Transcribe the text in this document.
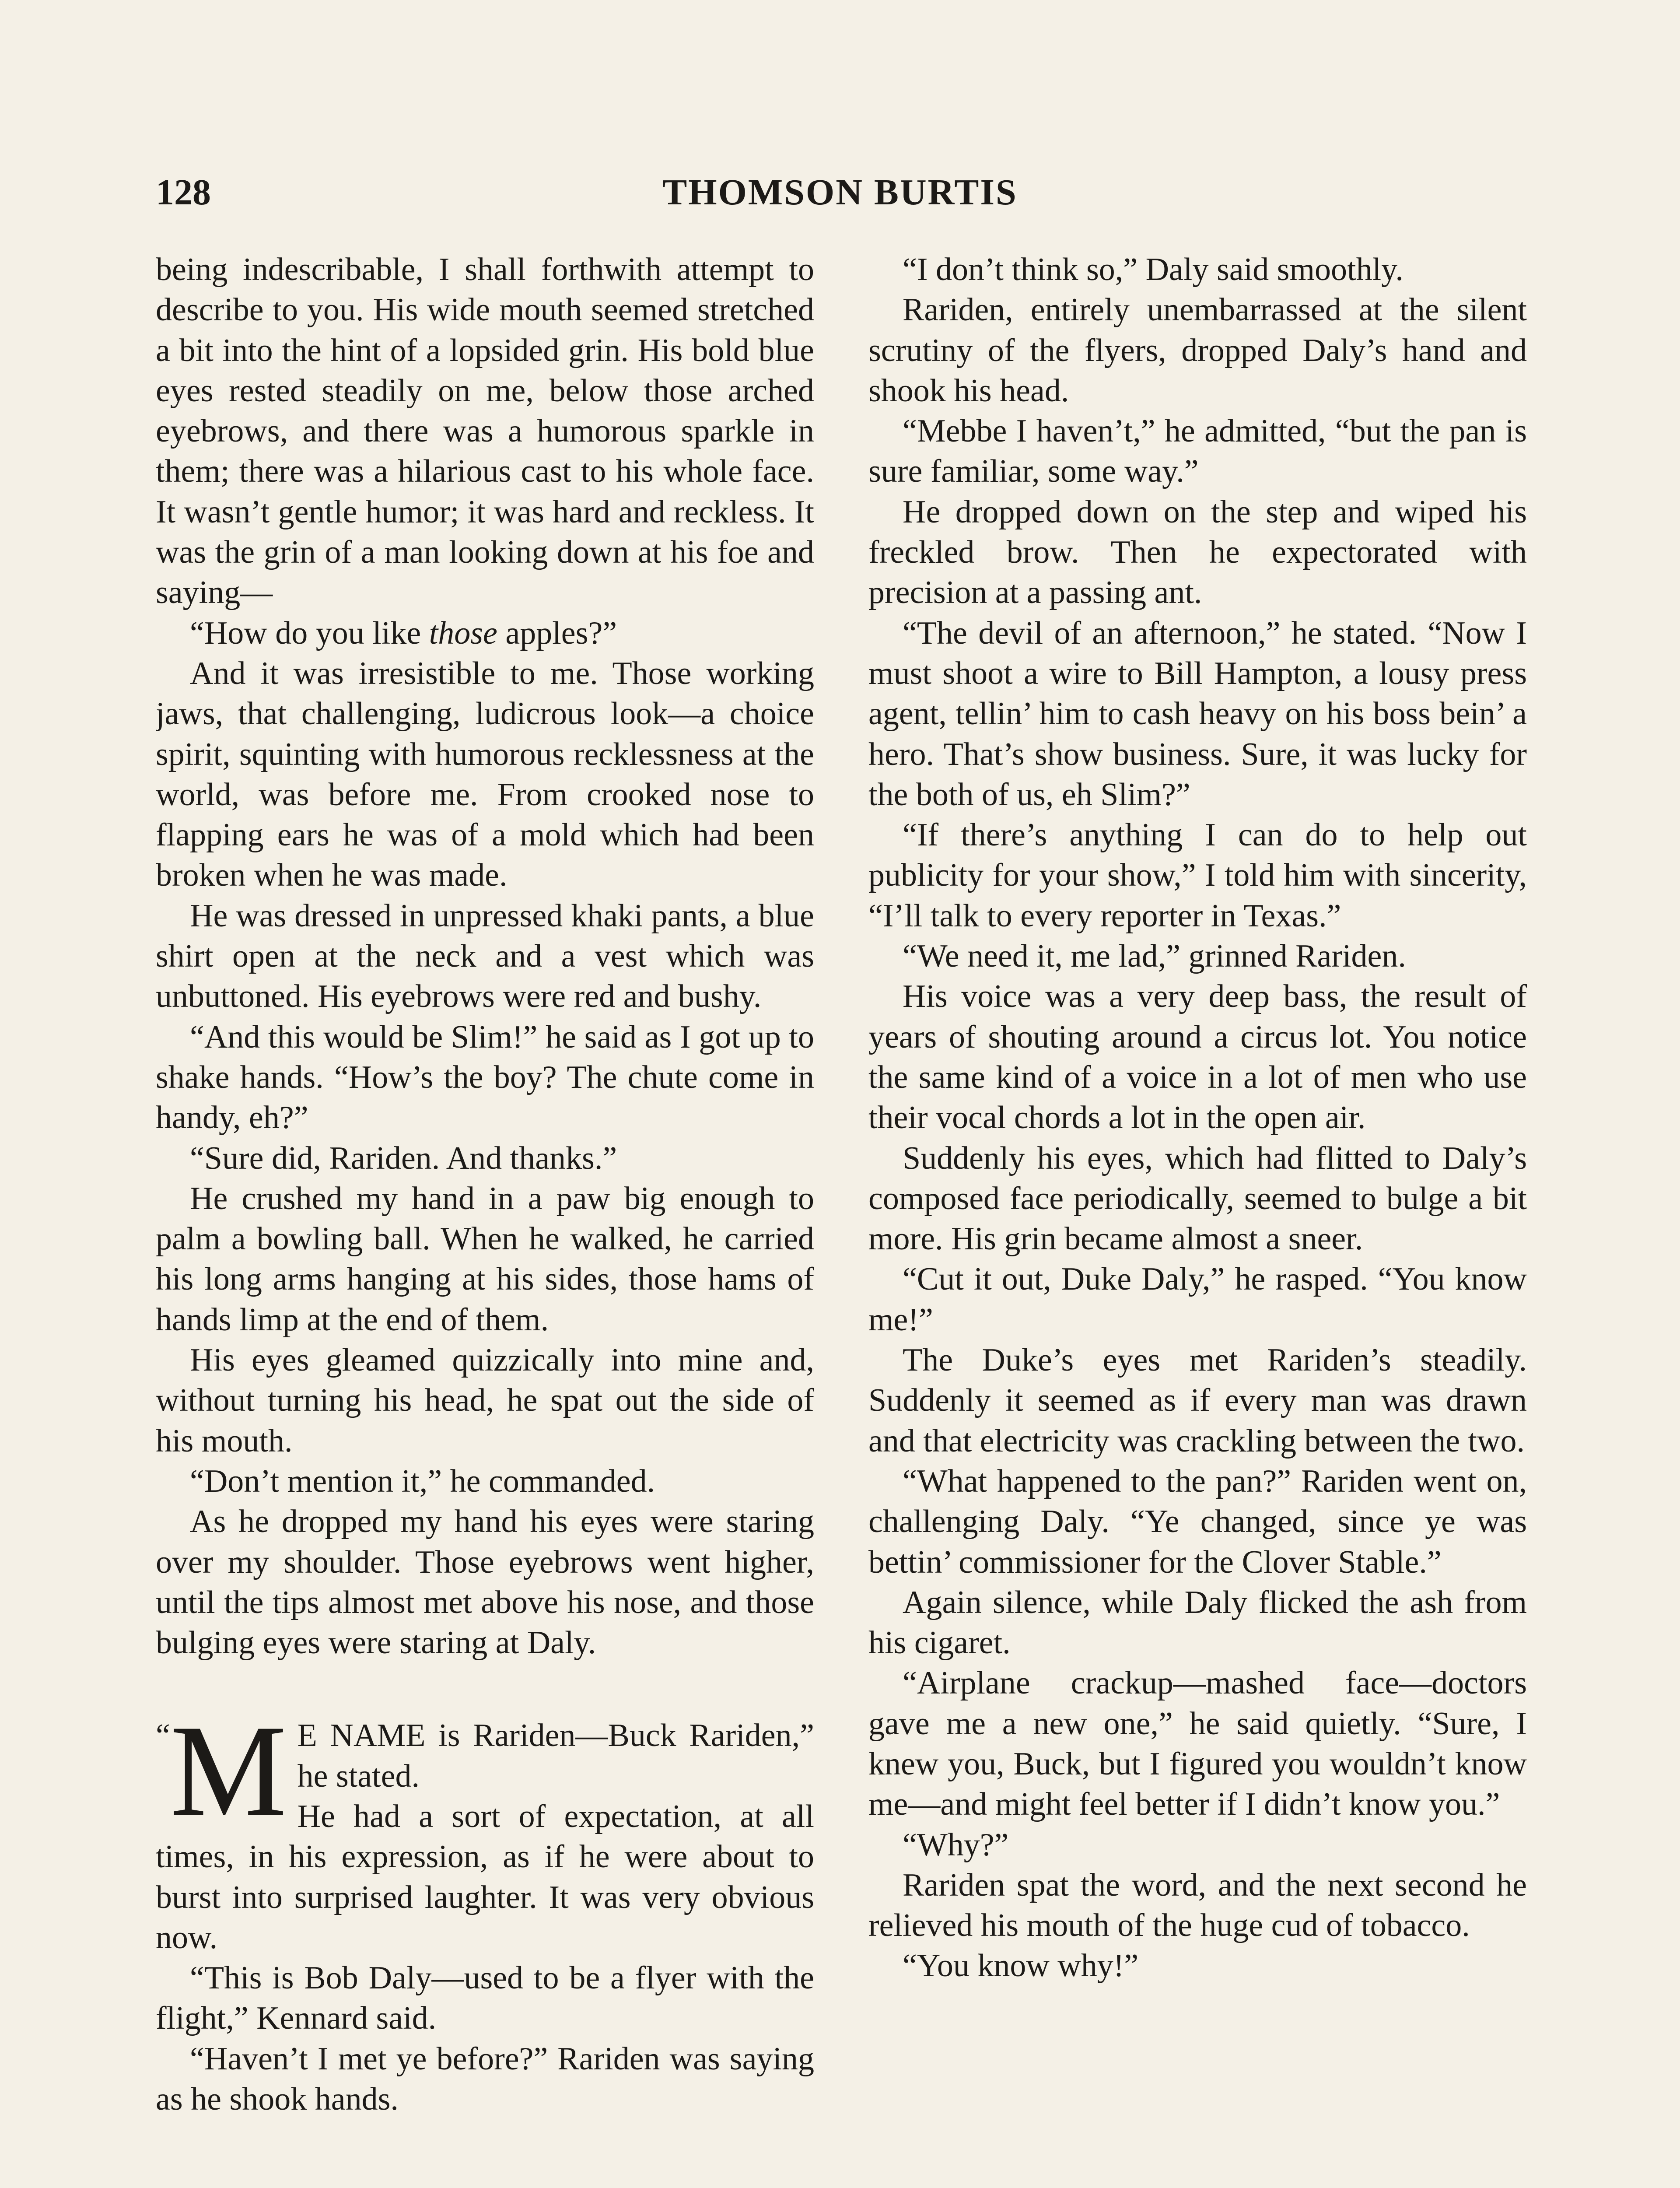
128	THOMSON BURTIS

being indescribable, I shall forthwith attempt to describe to you. His wide mouth seemed stretched a bit into the hint of a lopsided grin. His bold blue eyes rested steadily on me, below those arched eyebrows, and there was a humorous sparkle in them; there was a hilarious cast to his whole face. It wasn’t gentle humor; it was hard and reckless. It was the grin of a man looking down at his foe and saying—

“How do you like those apples?”

And it was irresistible to me. Those working jaws, that challenging, ludicrous look—a choice spirit, squinting with humorous recklessness at the world, was before me. From crooked nose to flapping ears he was of a mold which had been broken when he was made.

He was dressed in unpressed khaki pants, a blue shirt open at the neck and a vest which was unbuttoned. His eyebrows were red and bushy.

“And this would be Slim!” he said as I got up to shake hands. “How’s the boy? The chute come in handy, eh?”

“Sure did, Rariden. And thanks.”

He crushed my hand in a paw big enough to palm a bowling ball. When he walked, he carried his long arms hanging at his sides, those hams of hands limp at the end of them.

His eyes gleamed quizzically into mine and, without turning his head, he spat out the side of his mouth.

“Don’t mention it,” he commanded.

As he dropped my hand his eyes were staring over my shoulder. Those eyebrows went higher, until the tips almost met above his nose, and those bulging eyes were staring at Daly.

“ M E NAME is Rariden—Buck Rariden,” he stated.
He had a sort of expectation, at all times, in his expression, as if he were about to burst into surprised laughter. It was very obvious now.

“This is Bob Daly—used to be a flyer with the flight,” Kennard said.

“Haven’t I met ye before?” Rariden was saying as he shook hands.

“I don’t think so,” Daly said smoothly.

Rariden, entirely unembarrassed at the silent scrutiny of the flyers, dropped Daly’s hand and shook his head.

“Mebbe I haven’t,” he admitted, “but the pan is sure familiar, some way.”

He dropped down on the step and wiped his freckled brow. Then he expectorated with precision at a passing ant.

“The devil of an afternoon,” he stated. “Now I must shoot a wire to Bill Hampton, a lousy press agent, tellin’ him to cash heavy on his boss bein’ a hero. That’s show business. Sure, it was lucky for the both of us, eh Slim?”

“If there’s anything I can do to help out publicity for your show,” I told him with sincerity, “I’ll talk to every reporter in Texas.”

“We need it, me lad,” grinned Rariden.

His voice was a very deep bass, the result of years of shouting around a circus lot. You notice the same kind of a voice in a lot of men who use their vocal chords a lot in the open air.

Suddenly his eyes, which had flitted to Daly’s composed face periodically, seemed to bulge a bit more. His grin became almost a sneer.

“Cut it out, Duke Daly,” he rasped. “You know me!”

The Duke’s eyes met Rariden’s steadily. Suddenly it seemed as if every man was drawn and that electricity was crackling between the two.

“What happened to the pan?” Rariden went on, challenging Daly. “Ye changed, since ye was bettin’ commissioner for the Clover Stable.”

Again silence, while Daly flicked the ash from his cigaret.

“Airplane crackup—mashed face—doctors gave me a new one,” he said quietly. “Sure, I knew you, Buck, but I figured you wouldn’t know me—and might feel better if I didn’t know you.”

“Why?”

Rariden spat the word, and the next second he relieved his mouth of the huge cud of tobacco.

“You know why!”
